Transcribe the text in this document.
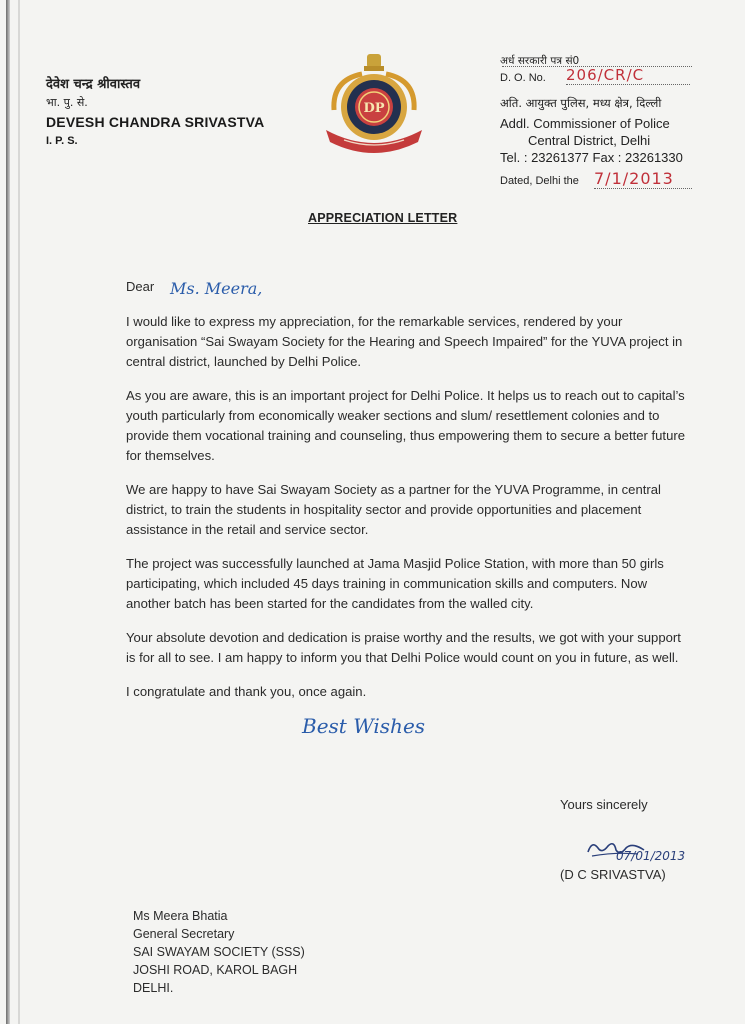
देवेश चन्द्र श्रीवास्तव
भा. पु. से.
DEVESH CHANDRA SRIVASTVA
I. P. S.
DP
अर्ध सरकारी पत्र सं0
D. O. No. 206/CR/C
अति. आयुक्त पुलिस, मध्य क्षेत्र, दिल्ली
Addl. Commissioner of Police
Central District, Delhi
Tel. : 23261377 Fax : 23261330
Dated, Delhi the 7/1/2013
APPRECIATION LETTER
Dear Ms. Meera,

I would like to express my appreciation, for the remarkable services, rendered by your organisation “Sai Swayam Society for the Hearing and Speech Impaired” for the YUVA project in central district, launched by Delhi Police.

As you are aware, this is an important project for Delhi Police. It helps us to reach out to capital’s youth particularly from economically weaker sections and slum/ resettlement colonies and to provide them vocational training and counseling, thus empowering them to secure a better future for themselves.

We are happy to have Sai Swayam Society as a partner for the YUVA Programme, in central district, to train the students in hospitality sector and provide opportunities and placement assistance in the retail and service sector.

The project was successfully launched at Jama Masjid Police Station, with more than 50 girls participating, which included 45 days training in communication skills and computers. Now another batch has been started for the candidates from the walled city.

Your absolute devotion and dedication is praise worthy and the results, we got with your support is for all to see. I am happy to inform you that Delhi Police would count on you in future, as well.

I congratulate and thank you, once again.

Best Wishes
Yours sincerely
07/01/2013
(D C SRIVASTVA)
Ms Meera Bhatia
General Secretary
SAI SWAYAM SOCIETY (SSS)
JOSHI ROAD, KAROL BAGH
DELHI.
